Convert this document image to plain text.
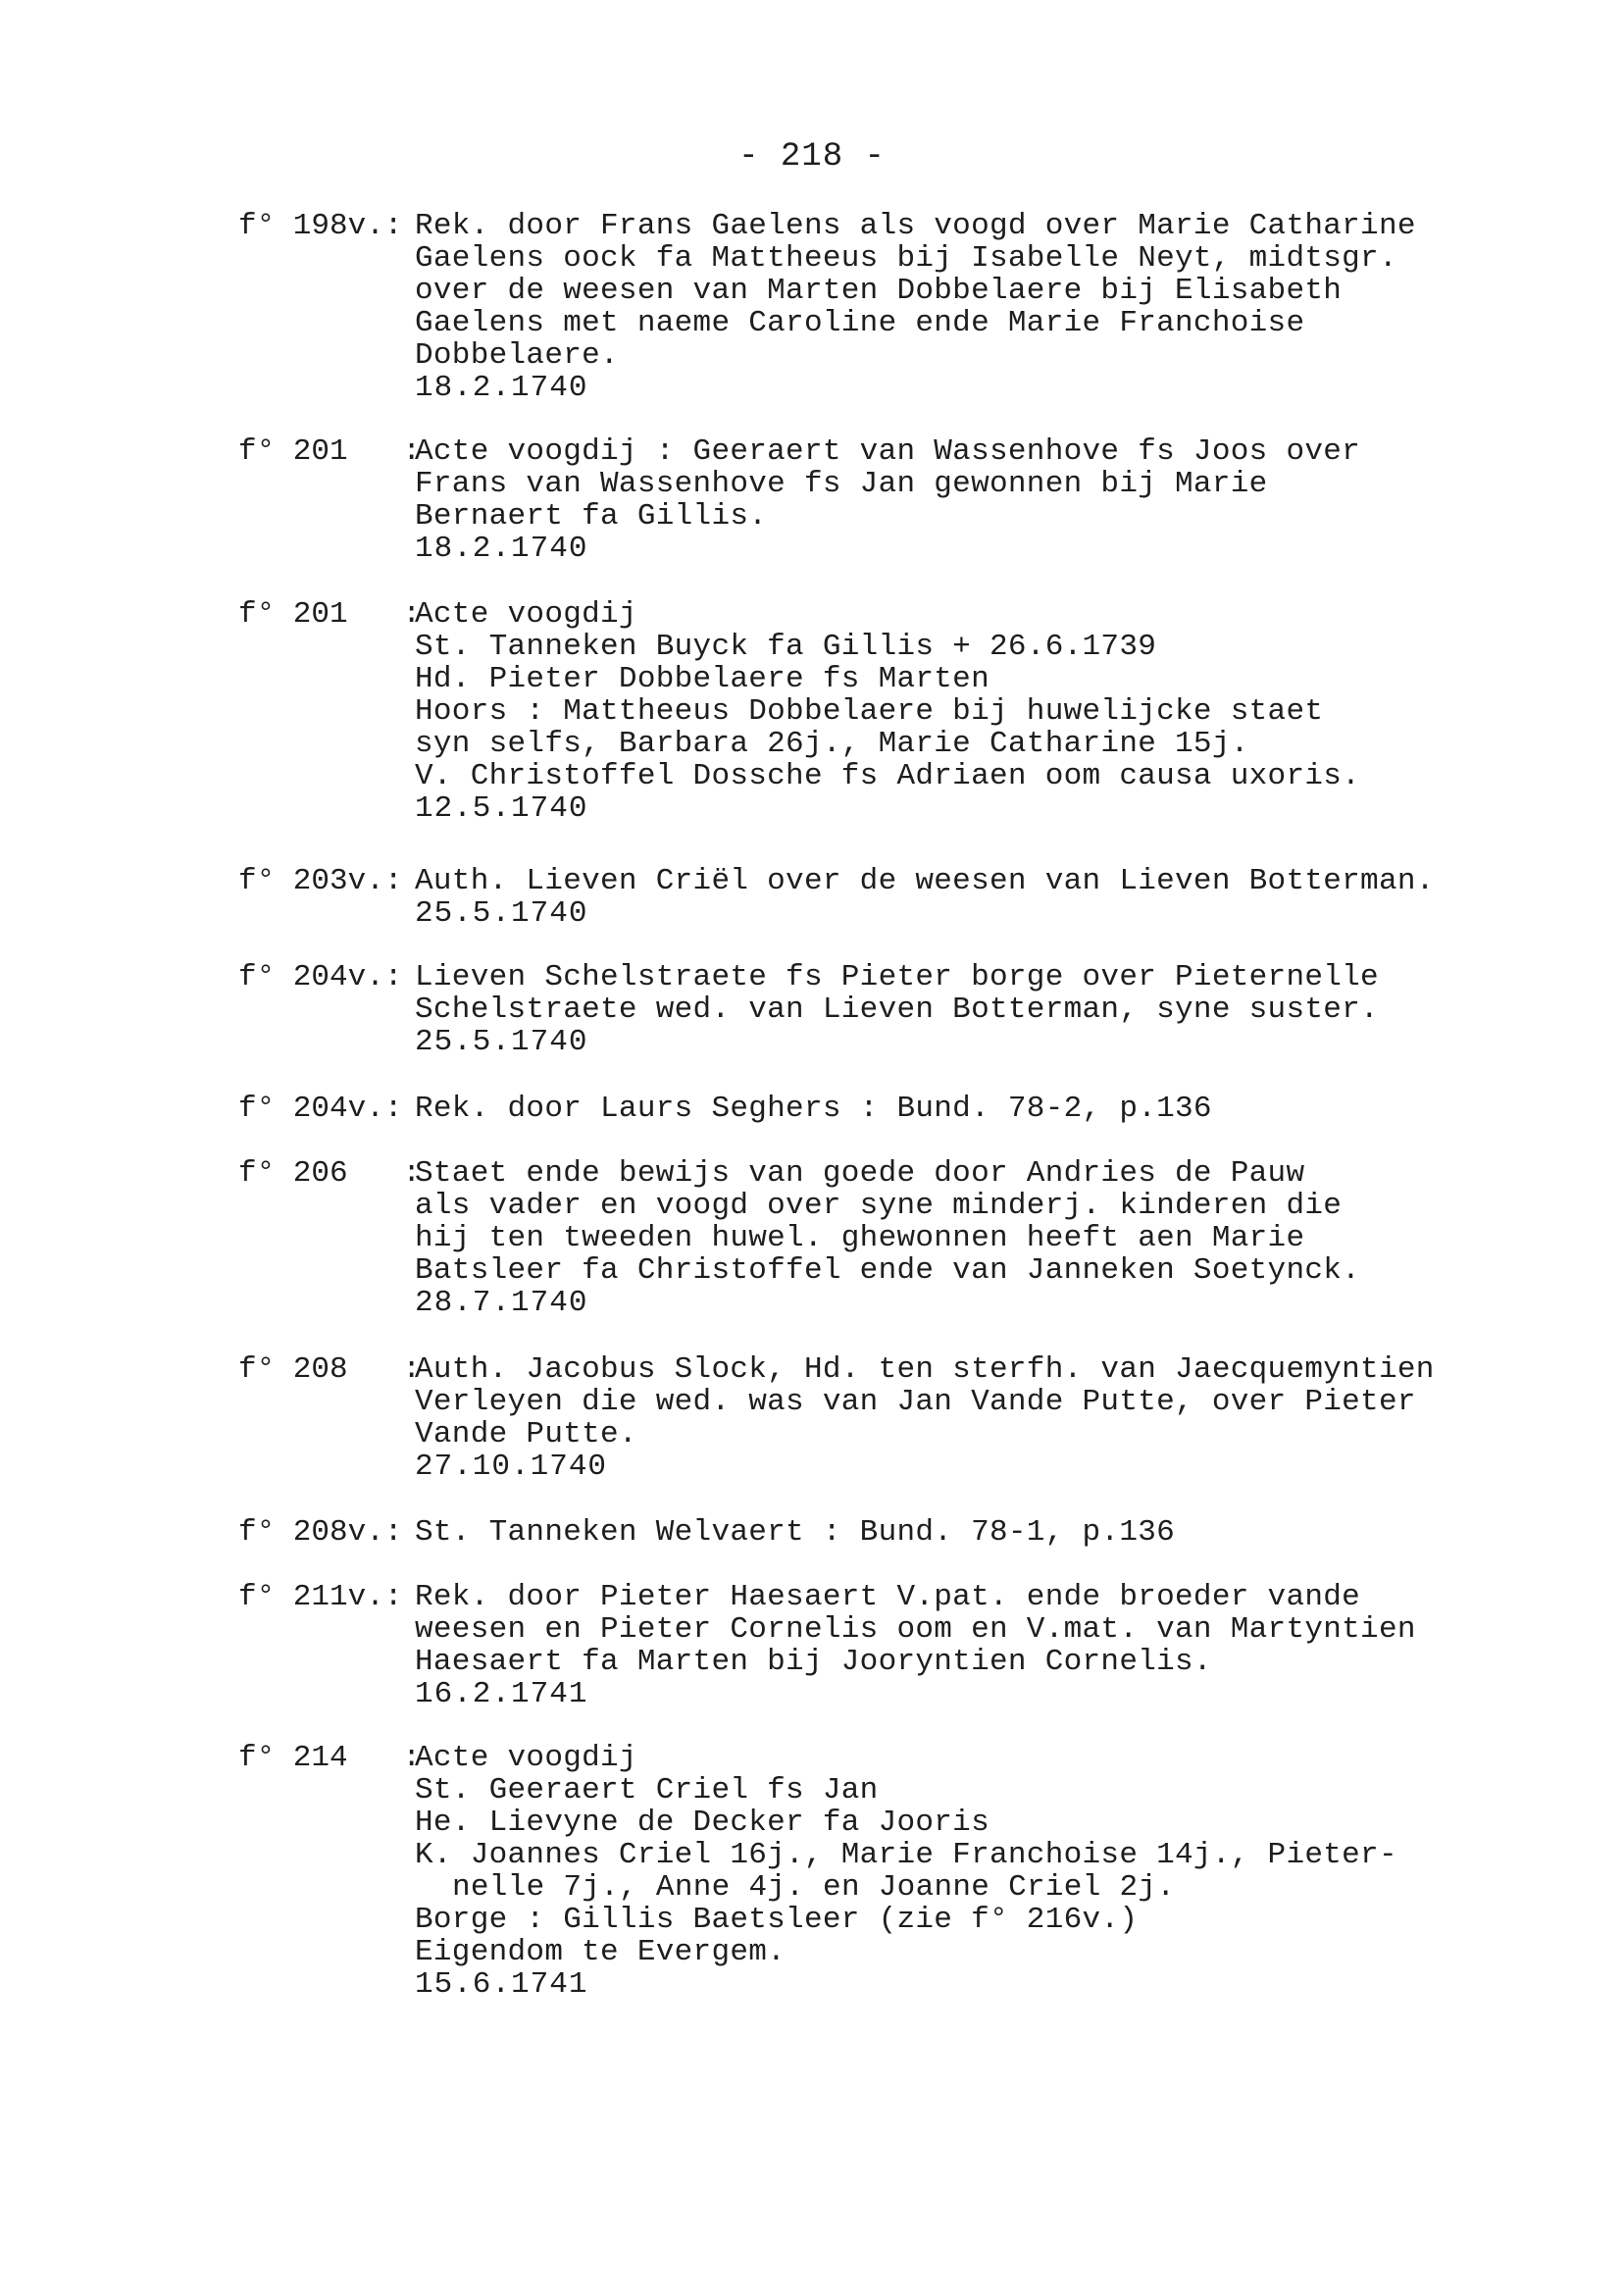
- 218 -
f° 198v.: Rek. door Frans Gaelens als voogd over Marie Catharine
Gaelens oock fa Mattheeus bij Isabelle Neyt, midtsgr.
over de weesen van Marten Dobbelaere bij Elisabeth
Gaelens met naeme Caroline ende Marie Franchoise
Dobbelaere.
18.2.1740
f° 201   :
Acte voogdij : Geeraert van Wassenhove fs Joos over
Frans van Wassenhove fs Jan gewonnen bij Marie
Bernaert fa Gillis.
18.2.1740
f° 201   :
Acte voogdij
St. Tanneken Buyck fa Gillis + 26.6.1739
Hd. Pieter Dobbelaere fs Marten
Hoors : Mattheeus Dobbelaere bij huwelijcke staet
syn selfs, Barbara 26j., Marie Catharine 15j.
V. Christoffel Dossche fs Adriaen oom causa uxoris.
12.5.1740
f° 203v.: Auth. Lieven Criël over de weesen van Lieven Botterman.
25.5.1740
f° 204v.: Lieven Schelstraete fs Pieter borge over Pieternelle
Schelstraete wed. van Lieven Botterman, syne suster.
25.5.1740
f° 204v.: Rek. door Laurs Seghers : Bund. 78-2, p.136
f° 206   :
Staet ende bewijs van goede door Andries de Pauw
als vader en voogd over syne minderj. kinderen die
hij ten tweeden huwel. ghewonnen heeft aen Marie
Batsleer fa Christoffel ende van Janneken Soetynck.
28.7.1740
f° 208   :
Auth. Jacobus Slock, Hd. ten sterfh. van Jaecquemyntien
Verleyen die wed. was van Jan Vande Putte, over Pieter
Vande Putte.
27.10.1740
f° 208v.: St. Tanneken Welvaert : Bund. 78-1, p.136
f° 211v.: Rek. door Pieter Haesaert V.pat. ende broeder vande
weesen en Pieter Cornelis oom en V.mat. van Martyntien
Haesaert fa Marten bij Jooryntien Cornelis.
16.2.1741
f° 214   :
Acte voogdij
St. Geeraert Criel fs Jan
He. Lievyne de Decker fa Jooris
K. Joannes Criel 16j., Marie Franchoise 14j., Pieter-
nelle 7j., Anne 4j. en Joanne Criel 2j.
Borge : Gillis Baetsleer (zie f° 216v.)
Eigendom te Evergem.
15.6.1741
